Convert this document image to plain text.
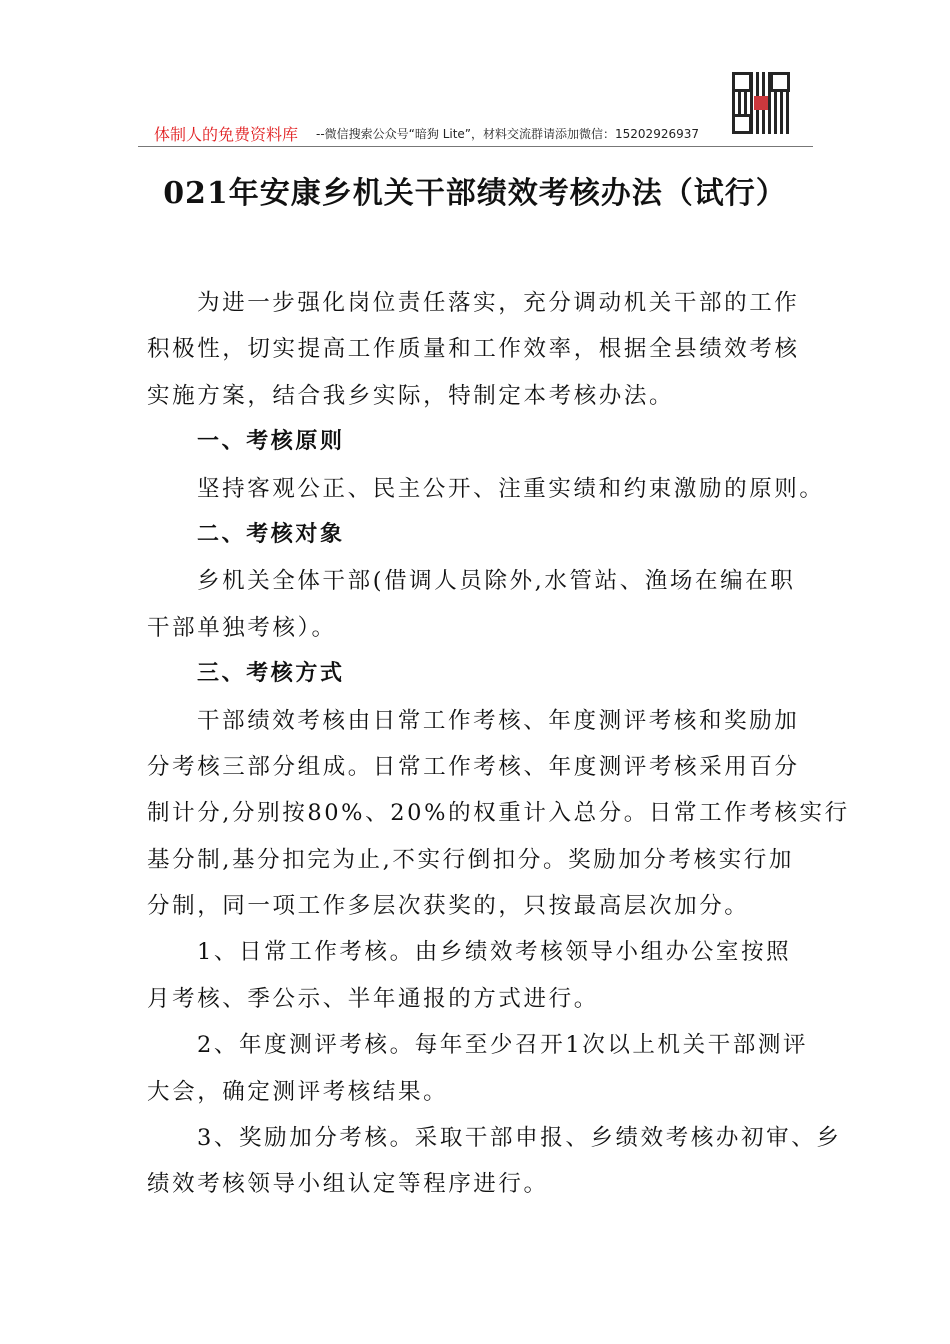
体制人的免费资料库 --微信搜索公众号“暗狗 Lite”，材料交流群请添加微信：15202926937
021年安康乡机关干部绩效考核办法（试行）
为进一步强化岗位责任落实，充分调动机关干部的工作
积极性，切实提高工作质量和工作效率，根据全县绩效考核
实施方案，结合我乡实际，特制定本考核办法。
一、考核原则
坚持客观公正、民主公开、注重实绩和约束激励的原则。
二、考核对象
乡机关全体干部(借调人员除外,水管站、渔场在编在职
干部单独考核）。
三、考核方式
干部绩效考核由日常工作考核、年度测评考核和奖励加
分考核三部分组成。日常工作考核、年度测评考核采用百分
制计分,分别按80%、20%的权重计入总分。日常工作考核实行
基分制,基分扣完为止,不实行倒扣分。奖励加分考核实行加
分制，同一项工作多层次获奖的，只按最高层次加分。
1、日常工作考核。由乡绩效考核领导小组办公室按照
月考核、季公示、半年通报的方式进行。
2、年度测评考核。每年至少召开1次以上机关干部测评
大会，确定测评考核结果。
3、奖励加分考核。采取干部申报、乡绩效考核办初审、乡
绩效考核领导小组认定等程序进行。
